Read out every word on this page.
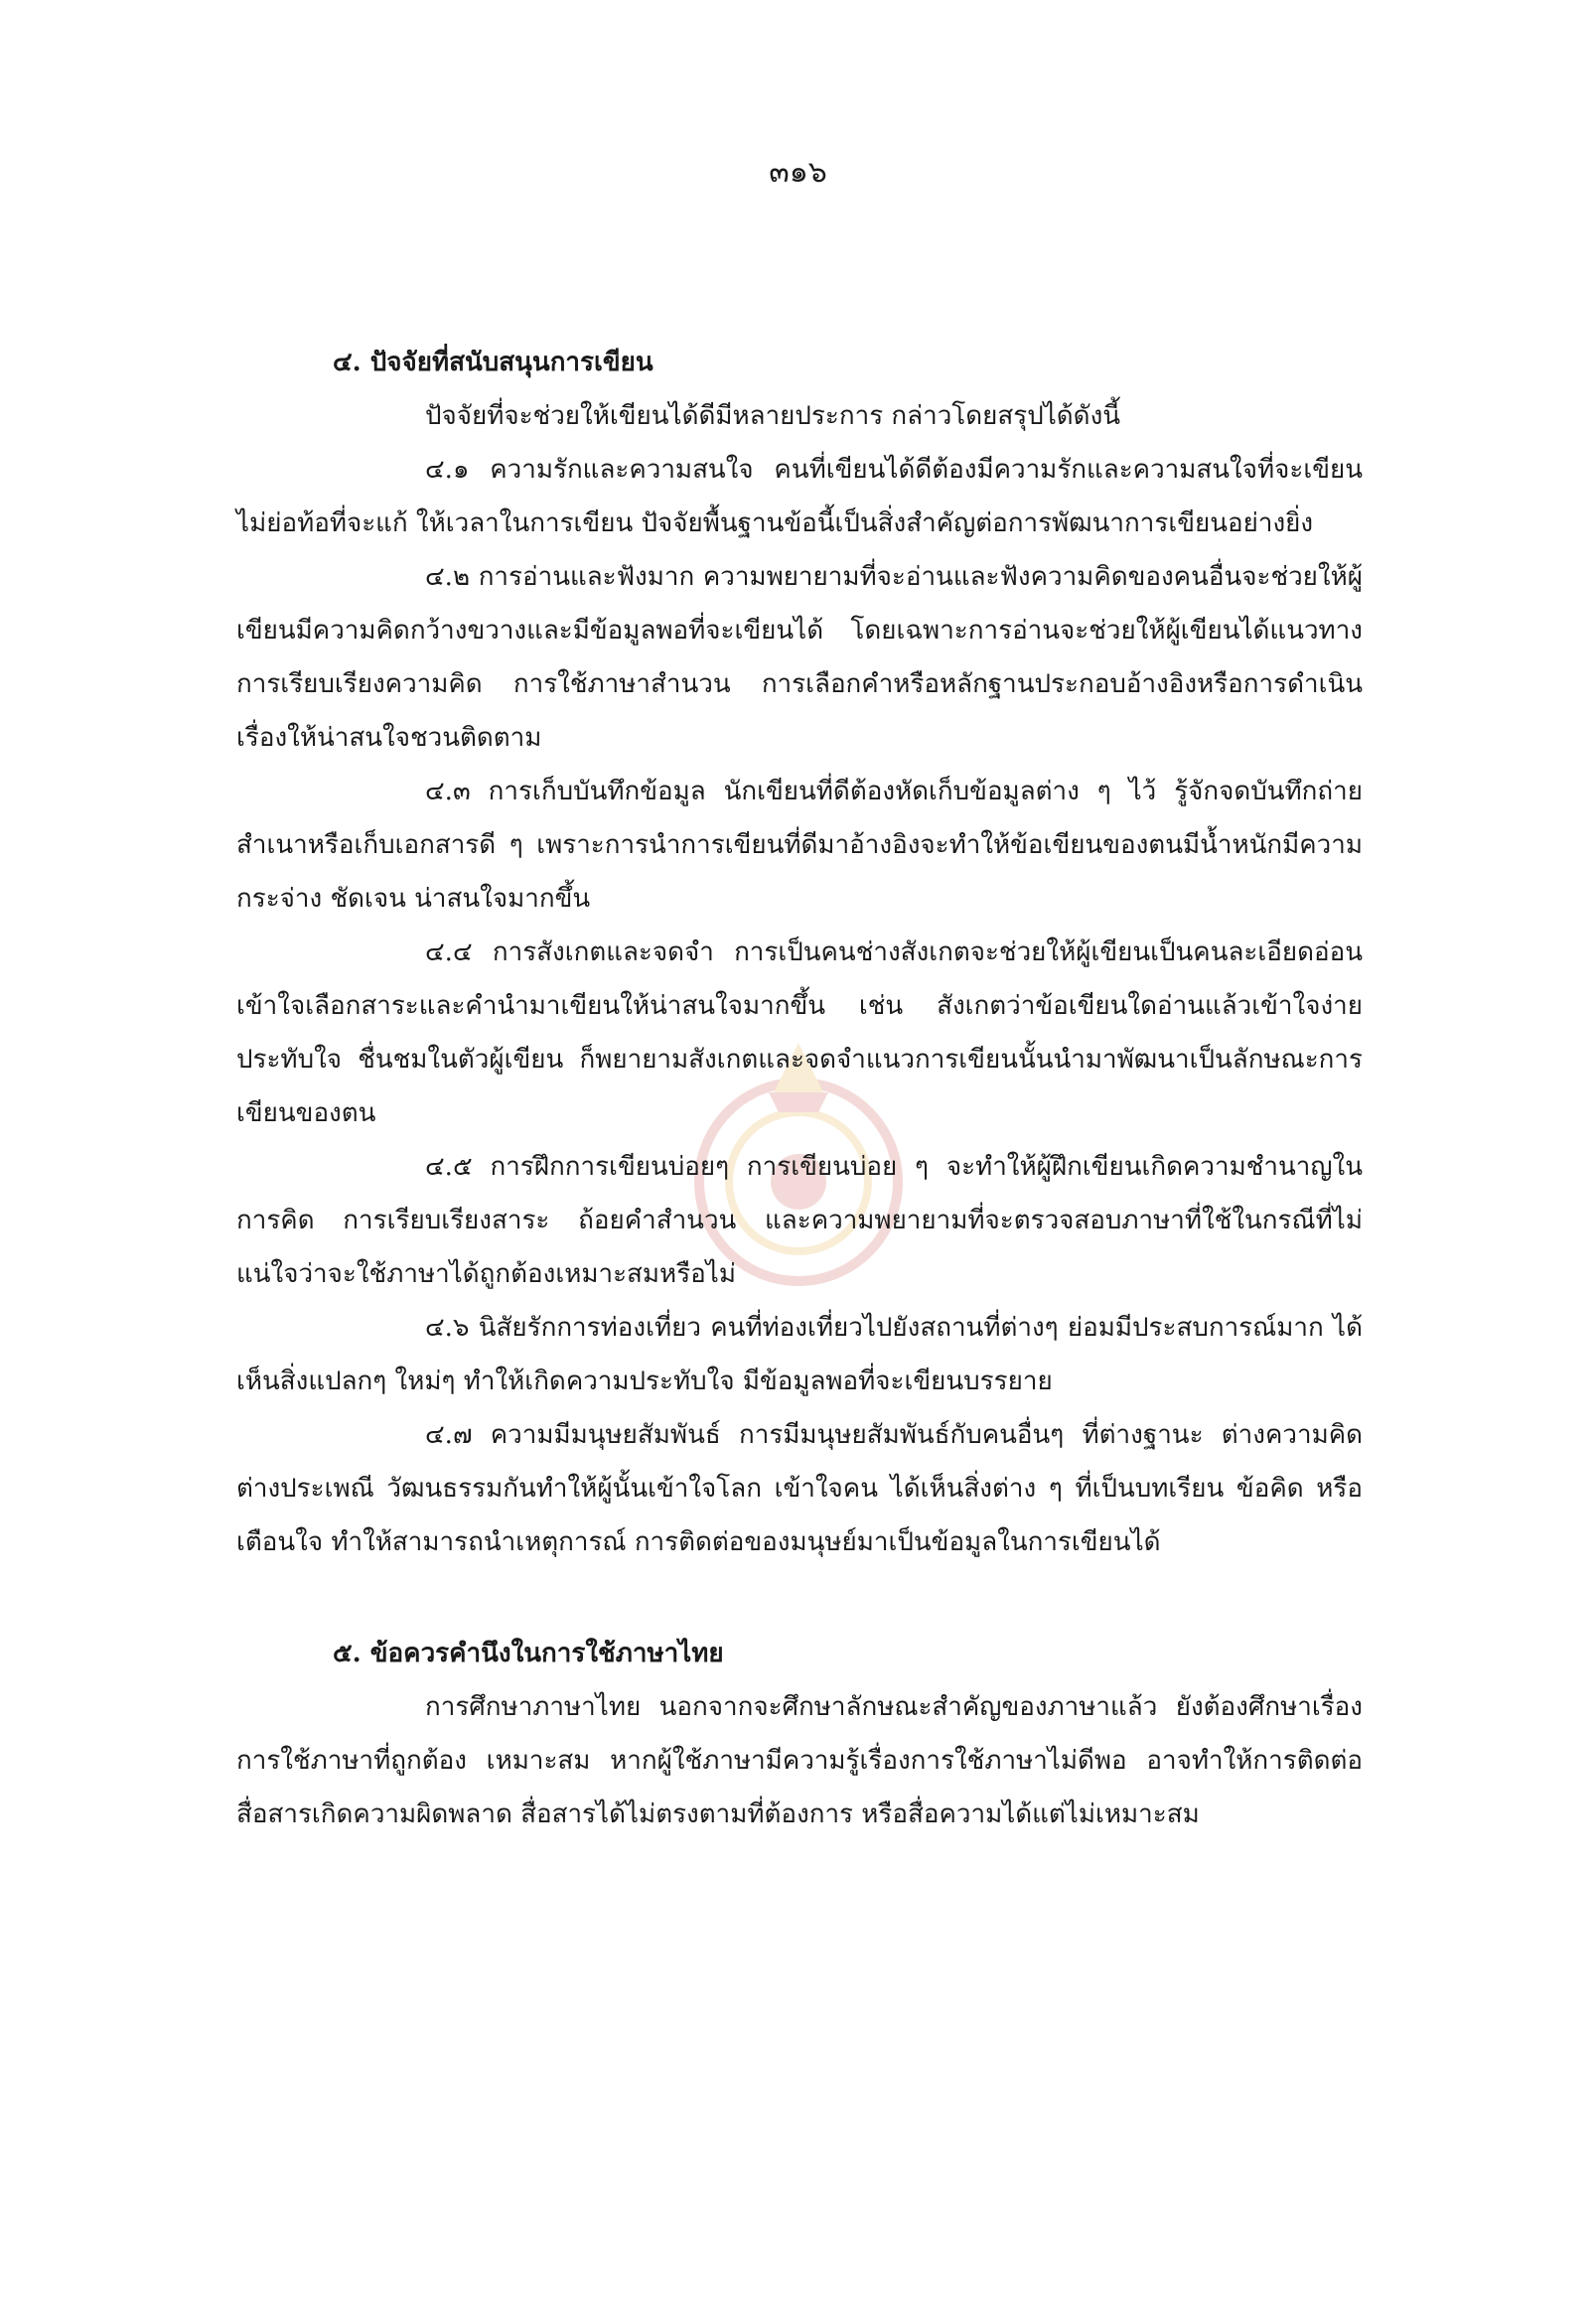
๓๑๖

๔. ปัจจัยที่สนับสนุนการเขียน

ปัจจัยที่จะช่วยให้เขียนได้ดีมีหลายประการ กล่าวโดยสรุปได้ดังนี้

๔.๑ ความรักและความสนใจ คนที่เขียนได้ดีต้องมีความรักและความสนใจที่จะเขียน ไม่ย่อท้อที่จะแก้ ให้เวลาในการเขียน ปัจจัยพื้นฐานข้อนี้เป็นสิ่งสำคัญต่อการพัฒนาการเขียนอย่างยิ่ง

๔.๒ การอ่านและฟังมาก ความพยายามที่จะอ่านและฟังความคิดของคนอื่นจะช่วยให้ผู้เขียนมีความคิดกว้างขวางและมีข้อมูลพอที่จะเขียนได้ โดยเฉพาะการอ่านจะช่วยให้ผู้เขียนได้แนวทางการเรียบเรียงความคิด การใช้ภาษาสำนวน การเลือกคำหรือหลักฐานประกอบอ้างอิงหรือการดำเนินเรื่องให้น่าสนใจชวนติดตาม

๔.๓ การเก็บบันทึกข้อมูล นักเขียนที่ดีต้องหัดเก็บข้อมูลต่าง ๆ ไว้ รู้จักจดบันทึกถ่ายสำเนาหรือเก็บเอกสารดี ๆ เพราะการนำการเขียนที่ดีมาอ้างอิงจะทำให้ข้อเขียนของตนมีน้ำหนักมีความกระจ่าง ชัดเจน น่าสนใจมากขึ้น

๔.๔ การสังเกตและจดจำ การเป็นคนช่างสังเกตจะช่วยให้ผู้เขียนเป็นคนละเอียดอ่อนเข้าใจเลือกสาระและคำนำมาเขียนให้น่าสนใจมากขึ้น เช่น สังเกตว่าข้อเขียนใดอ่านแล้วเข้าใจง่าย ประทับใจ ชื่นชมในตัวผู้เขียน ก็พยายามสังเกตและจดจำแนวการเขียนนั้นนำมาพัฒนาเป็นลักษณะการเขียนของตน

๔.๕ การฝึกการเขียนบ่อยๆ การเขียนบ่อย ๆ จะทำให้ผู้ฝึกเขียนเกิดความชำนาญในการคิด การเรียบเรียงสาระ ถ้อยคำสำนวน และความพยายามที่จะตรวจสอบภาษาที่ใช้ในกรณีที่ไม่แน่ใจว่าจะใช้ภาษาได้ถูกต้องเหมาะสมหรือไม่

๔.๖ นิสัยรักการท่องเที่ยว คนที่ท่องเที่ยวไปยังสถานที่ต่างๆ ย่อมมีประสบการณ์มาก ได้เห็นสิ่งแปลกๆ ใหม่ๆ ทำให้เกิดความประทับใจ มีข้อมูลพอที่จะเขียนบรรยาย

๔.๗ ความมีมนุษยสัมพันธ์ การมีมนุษยสัมพันธ์กับคนอื่นๆ ที่ต่างฐานะ ต่างความคิด ต่างประเพณี วัฒนธรรมกันทำให้ผู้นั้นเข้าใจโลก เข้าใจคน ได้เห็นสิ่งต่าง ๆ ที่เป็นบทเรียน ข้อคิด หรือเตือนใจ ทำให้สามารถนำเหตุการณ์ การติดต่อของมนุษย์มาเป็นข้อมูลในการเขียนได้

๕. ข้อควรคำนึงในการใช้ภาษาไทย

การศึกษาภาษาไทย นอกจากจะศึกษาลักษณะสำคัญของภาษาแล้ว ยังต้องศึกษาเรื่องการใช้ภาษาที่ถูกต้อง เหมาะสม หากผู้ใช้ภาษามีความรู้เรื่องการใช้ภาษาไม่ดีพอ อาจทำให้การติดต่อสื่อสารเกิดความผิดพลาด สื่อสารได้ไม่ตรงตามที่ต้องการ หรือสื่อความได้แต่ไม่เหมาะสม
